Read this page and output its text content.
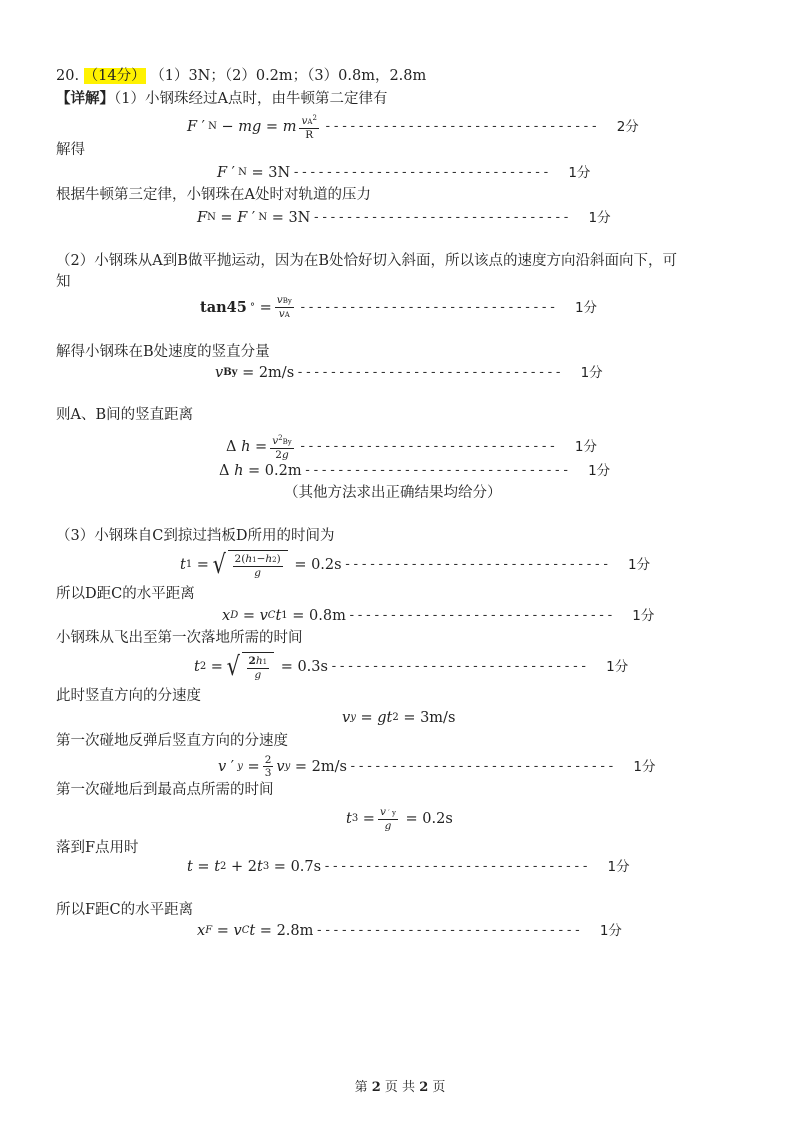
20. （14分） （1）3N；（2）0.2m；（3）0.8m，2.8m
【详解】（1）小钢珠经过A点时，由牛顿第二定律有
F ′ N − mg = m $\frac{vA^2}{R}$ --------------------------------- 2分
解得
F ′ N = 3N ------------------------------- 1分
根据牛顿第三定律，小钢珠在A处时对轨道的压力
F N = F ′ N = 3N ------------------------------- 1分
（2）小钢珠从A到B做平抛运动，因为在B处恰好切入斜面，所以该点的速度方向沿斜面向下，可
知
tan45 ° = $\frac{\text{vBy}}{vA}$ ------------------------------- 1分
解得小钢珠在B处速度的竖直分量
v By = 2m/s -------------------------------- 1分
则A、B间的竖直距离
Δ $h = \frac{v^2By}{2g}$ ------------------------------- 1分
Δ h = 0.2m -------------------------------- 1分
（其他方法求出正确结果均给分）
（3）小钢珠自C到掠过挡板D所用的时间为
t 1 = √ $\frac{2(h1-h2)}{g} = 0.2s$ -------------------------------- 1分
所以D距C的水平距离
x D = v C t 1 = 0.8m -------------------------------- 1分
小钢珠从飞出至第一次落地所需的时间
t 2 = √ $\frac{2h1}{g} = 0.3s$ ------------------------------- 1分
此时竖直方向的分速度
v y = gt 2 = 3m/s
第一次碰地反弹后竖直方向的分速度
v ′ $y = \frac{2}{3}$ v y = 2m/s -------------------------------- 1分
第一次碰地后到最高点所需的时间
t $3 = \frac{v ' y}{g} = 0.2s$
落到F点用时
t = t 2 + 2 t 3 = 0.7s -------------------------------- 1分
所以F距C的水平距离
x F = v C t = 2.8m -------------------------------- 1分
第 2 页 共 2 页
